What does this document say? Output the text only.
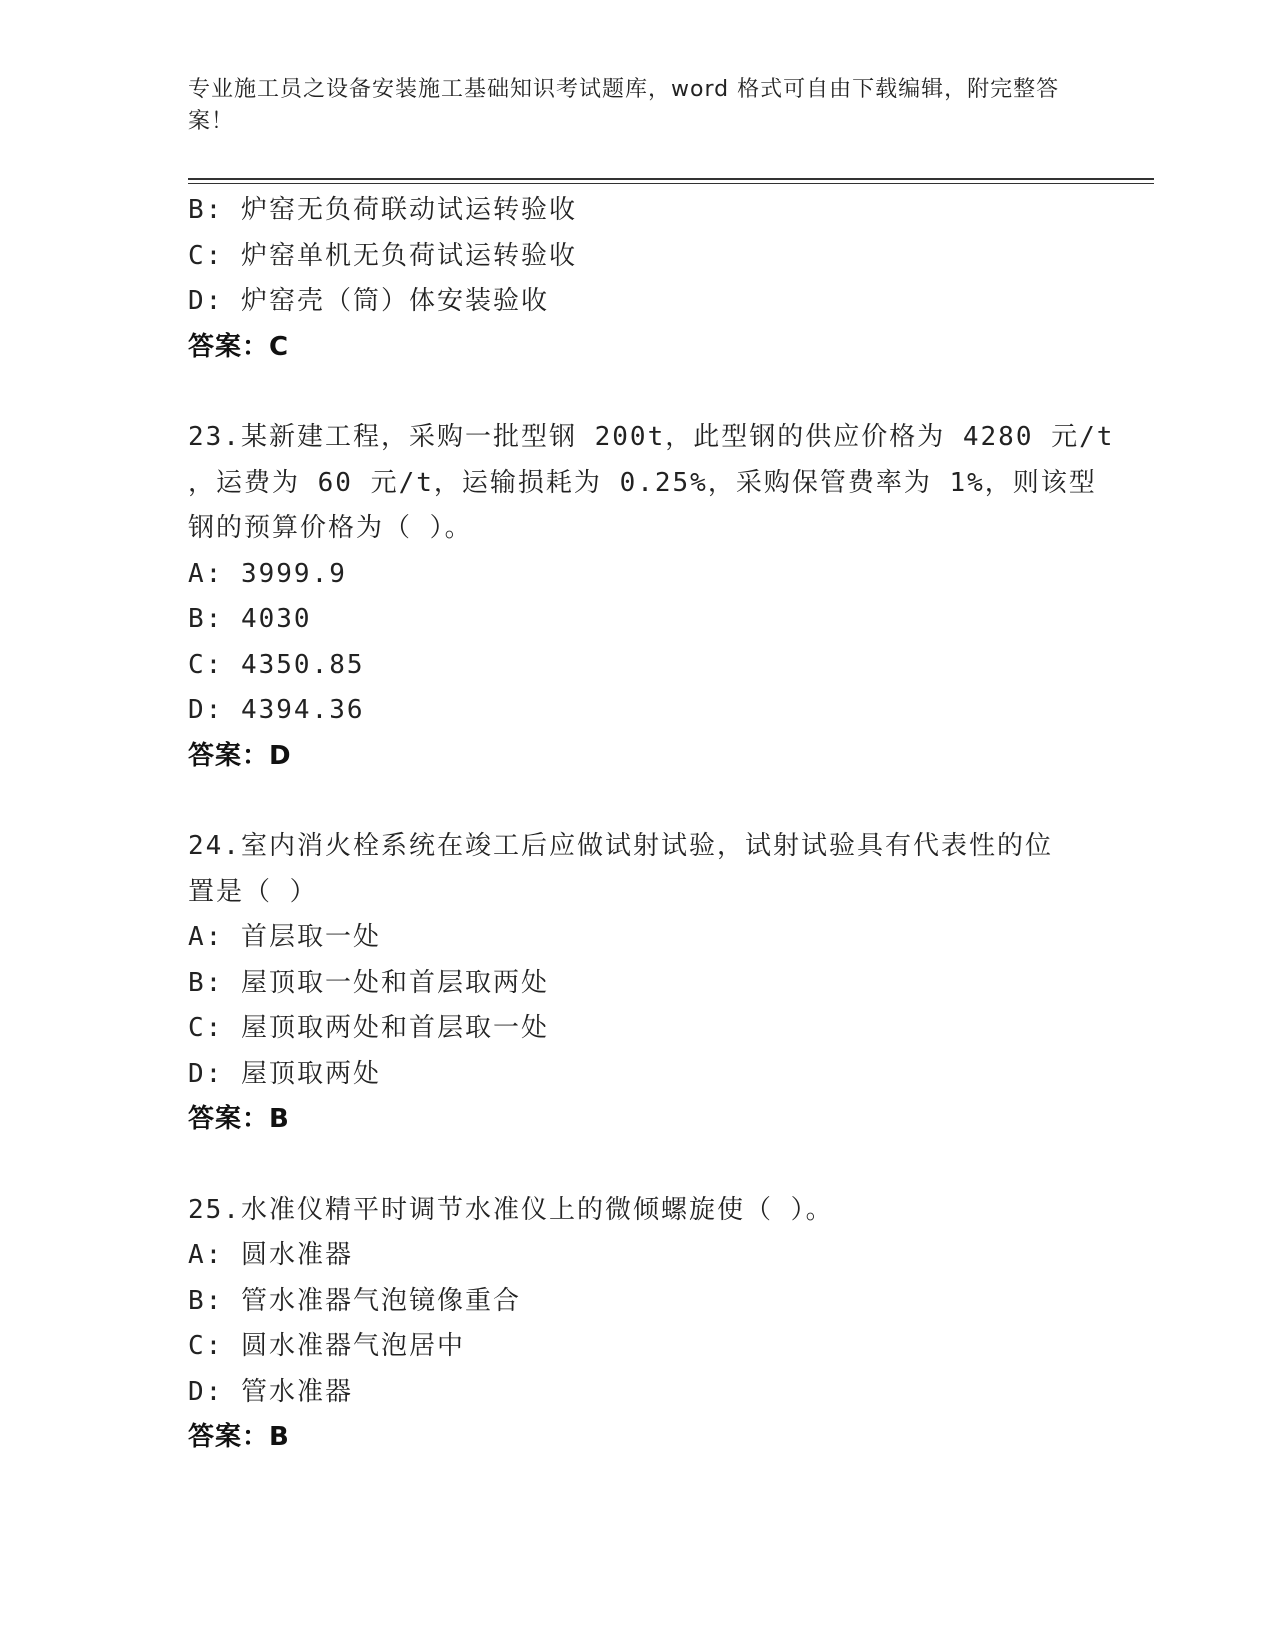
专业施工员之设备安装施工基础知识考试题库，word 格式可自由下载编辑，附完整答案！
B: 炉窑无负荷联动试运转验收
C: 炉窑单机无负荷试运转验收
D: 炉窑壳（筒）体安装验收
答案：C
23.某新建工程，采购一批型钢 200t，此型钢的供应价格为 4280 元/t
，运费为 60 元/t，运输损耗为 0.25%，采购保管费率为 1%，则该型
钢的预算价格为（ ）。
A: 3999.9
B: 4030
C: 4350.85
D: 4394.36
答案：D
24.室内消火栓系统在竣工后应做试射试验，试射试验具有代表性的位
置是（ ）
A: 首层取一处
B: 屋顶取一处和首层取两处
C: 屋顶取两处和首层取一处
D: 屋顶取两处
答案：B
25.水准仪精平时调节水准仪上的微倾螺旋使（ ）。
A: 圆水准器
B: 管水准器气泡镜像重合
C: 圆水准器气泡居中
D: 管水准器
答案：B
